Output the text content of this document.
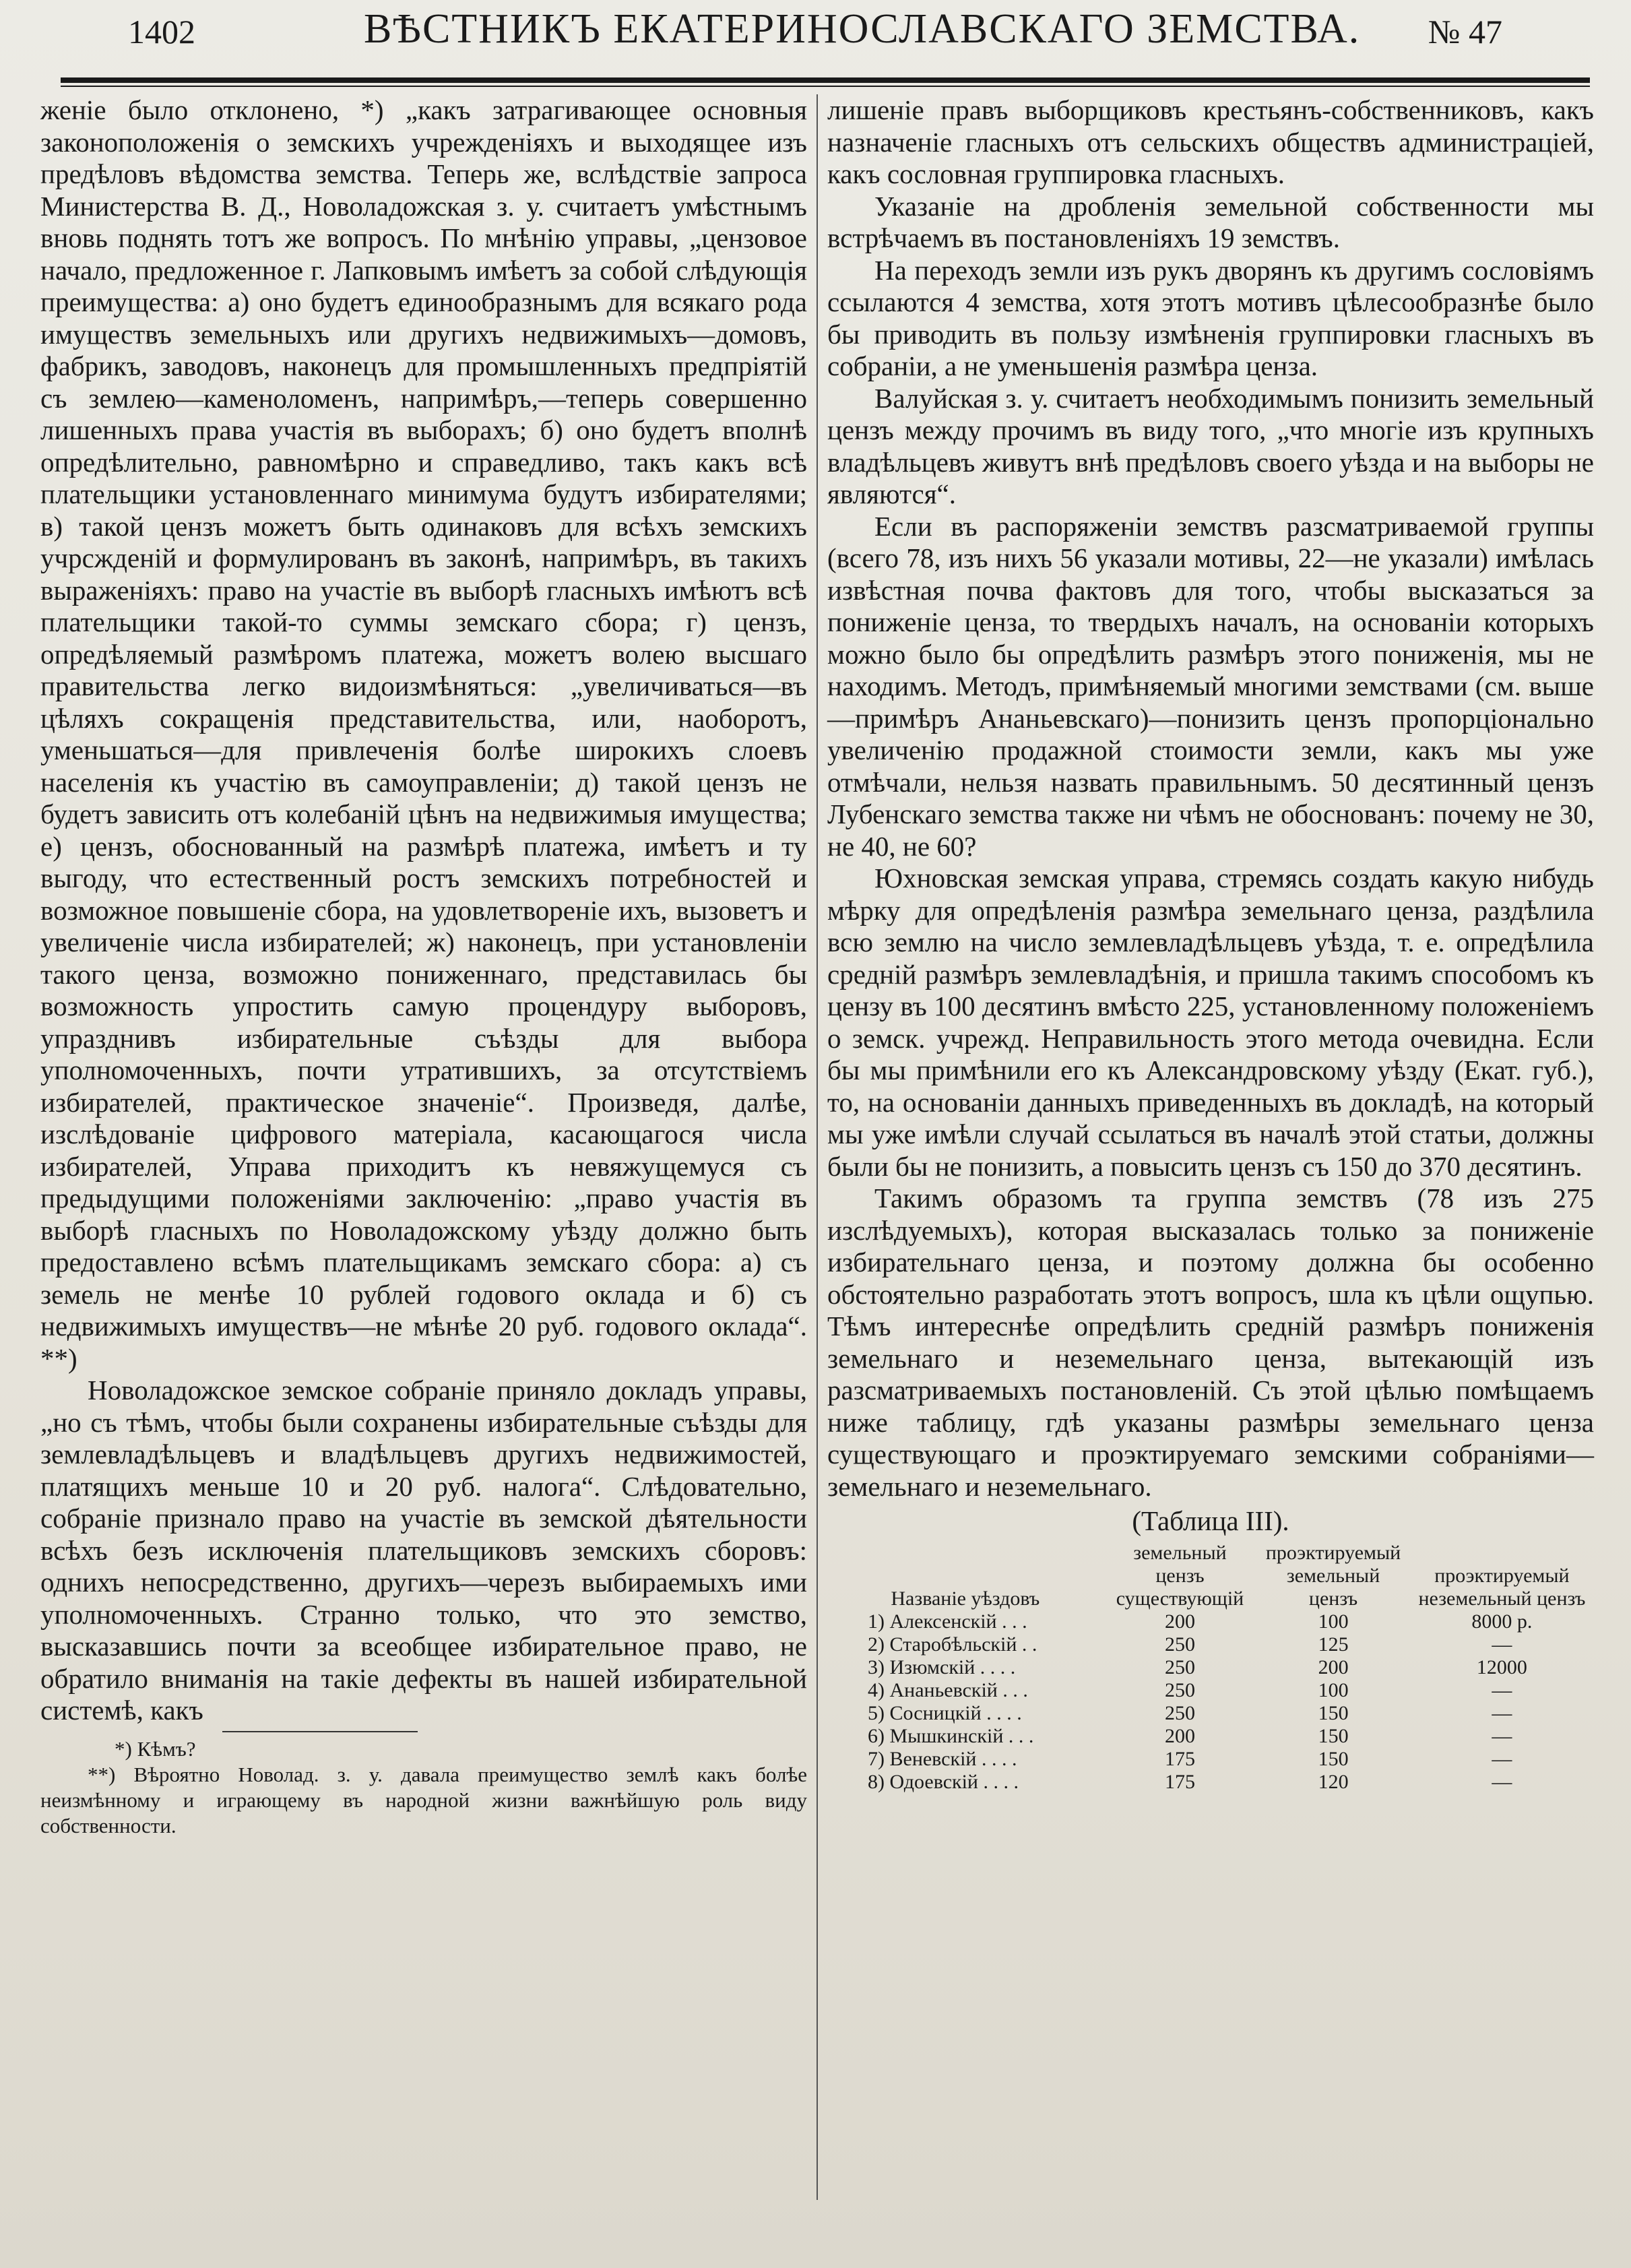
1402	ВѢСТНИКЪ ЕКАТЕРИНОСЛАВСКАГО ЗЕМСТВА. № 47

женіе было отклонено, *) „какъ затрагивающее основныя законоположенія о земскихъ учрежденіяхъ и выходящее изъ предѣловъ вѣдомства земства. Теперь же, вслѣдствіе запроса Министерства В. Д., Новоладожская з. у. считаетъ умѣстнымъ вновь поднять тотъ же вопросъ. По мнѣнію управы, „цензовое начало, предложенное г. Лапковымъ имѣетъ за собой слѣдующія преимущества: а) оно будетъ единообразнымъ для всякаго рода имуществъ земельныхъ или другихъ недвижимыхъ—домовъ, фабрикъ, заводовъ, наконецъ для промышленныхъ предпріятій съ землею—каменоломенъ, напримѣръ,—теперь совершенно лишенныхъ права участія въ выборахъ; б) оно будетъ вполнѣ опредѣлительно, равномѣрно и справедливо, такъ какъ всѣ плательщики установленнаго минимума будутъ избирателями; в) такой цензъ можетъ быть одинаковъ для всѣхъ земскихъ учрсжденій и формулированъ въ законѣ, напримѣръ, въ такихъ выраженіяхъ: право на участіе въ выборѣ гласныхъ имѣютъ всѣ плательщики такой-то суммы земскаго сбора; г) цензъ, опредѣляемый размѣромъ платежа, можетъ волею высшаго правительства легко видоизмѣняться: „увеличиваться—въ цѣляхъ сокращенія представительства, или, наоборотъ, уменьшаться—для привлеченія болѣе широкихъ слоевъ населенія къ участію въ самоуправленіи; д) такой цензъ не будетъ зависить отъ колебаній цѣнъ на недвижимыя имущества; е) цензъ, обоснованный на размѣрѣ платежа, имѣетъ и ту выгоду, что естественный ростъ земскихъ потребностей и возможное повышеніе сбора, на удовлетвореніе ихъ, вызоветъ и увеличеніе числа избирателей; ж) наконецъ, при установленіи такого ценза, возможно пониженнаго, представилась бы возможность упростить самую процендуру выборовъ, упразднивъ избирательные съѣзды для выбора уполномоченныхъ, почти утратившихъ, за отсутствіемъ избирателей, практическое значеніе“. Произведя, далѣе, изслѣдованіе цифрового матеріала, касающагося числа избирателей, Управа приходитъ къ невяжущемуся съ предыдущими положеніями заключенію: „право участія въ выборѣ гласныхъ по Новоладожскому уѣзду должно быть предоставлено всѣмъ плательщикамъ земскаго сбора: а) съ земель не менѣе 10 рублей годового оклада и б) съ недвижимыхъ имуществъ—не мѣнѣе 20 руб. годового оклада“. **)

Новоладожское земское собраніе приняло докладъ управы, „но съ тѣмъ, чтобы были сохранены избирательные съѣзды для землевладѣльцевъ и владѣльцевъ другихъ недвижимостей, платящихъ меньше 10 и 20 руб. налога“. Слѣдовательно, собраніе признало право на участіе въ земской дѣятельности всѣхъ безъ исключенія плательщиковъ земскихъ сборовъ: однихъ непосредственно, другихъ—черезъ выбираемыхъ ими уполномоченныхъ. Странно только, что это земство, высказавшись почти за всеобщее избирательное право, не обратило вниманія на такіе дефекты въ нашей избирательной системѣ, какъ

*) Кѣмъ?

**) Вѣроятно Новолад. з. у. давала преимущество землѣ какъ болѣе неизмѣнному и играющему въ народной жизни важнѣйшую роль виду собственности.

лишеніе правъ выборщиковъ крестьянъ-собственниковъ, какъ назначеніе гласныхъ отъ сельскихъ обществъ администраціей, какъ сословная группировка гласныхъ.

Указаніе на дробленія земельной собственности мы встрѣчаемъ въ постановленіяхъ 19 земствъ.

На переходъ земли изъ рукъ дворянъ къ другимъ сословіямъ ссылаются 4 земства, хотя этотъ мотивъ цѣлесообразнѣе было бы приводить въ пользу измѣненія группировки гласныхъ въ собраніи, а не уменьшенія размѣра ценза.

Валуйская з. у. считаетъ необходимымъ понизить земельный цензъ между прочимъ въ виду того, „что многіе изъ крупныхъ владѣльцевъ живутъ внѣ предѣловъ своего уѣзда и на выборы не являются“.

Если въ распоряженіи земствъ разсматриваемой группы (всего 78, изъ нихъ 56 указали мотивы, 22—не указали) имѣлась извѣстная почва фактовъ для того, чтобы высказаться за пониженіе ценза, то твердыхъ началъ, на основаніи которыхъ можно было бы опредѣлить размѣръ этого пониженія, мы не находимъ. Методъ, примѣняемый многими земствами (см. выше—примѣръ Ананьевскаго)—понизить цензъ пропорціонально увеличенію продажной стоимости земли, какъ мы уже отмѣчали, нельзя назвать правильнымъ. 50 десятинный цензъ Лубенскаго земства также ни чѣмъ не обоснованъ: почему не 30, не 40, не 60?

Юхновская земская управа, стремясь создать какую нибудь мѣрку для опредѣленія размѣра земельнаго ценза, раздѣлила всю землю на число землевладѣльцевъ уѣзда, т. е. опредѣлила средній размѣръ землевладѣнія, и пришла такимъ способомъ къ цензу въ 100 десятинъ вмѣсто 225, установленному положеніемъ о земск. учрежд. Неправильность этого метода очевидна. Если бы мы примѣнили его къ Александровскому уѣзду (Екат. губ.), то, на основаніи данныхъ приведенныхъ въ докладѣ, на который мы уже имѣли случай ссылаться въ началѣ этой статьи, должны были бы не понизить, а повысить цензъ съ 150 до 370 десятинъ.

Такимъ образомъ та группа земствъ (78 изъ 275 изслѣдуемыхъ), которая высказалась только за пониженіе избирательнаго ценза, и поэтому должна бы особенно обстоятельно разработать этотъ вопросъ, шла къ цѣли ощупью. Тѣмъ интереснѣе опредѣлить средній размѣръ пониженія земельнаго и неземельнаго ценза, вытекающій изъ разсматриваемыхъ постановленій. Съ этой цѣлью помѣщаемъ ниже таблицу, гдѣ указаны размѣры земельнаго ценза существующаго и проэктируемаго земскими собраніями—земельнаго и неземельнаго.

(Таблица III).
Названіе уѣздовъ	земельный цензъ существующій	проэктируемый земельный цензъ	проэктируемый неземельный цензъ
1) Алексенскій . . .	200	100	8000 р.
2) Старобѣльскій . .	250	125	—
3) Изюмскій . . . .	250	200	12000
4) Ананьевскій . . .	250	100	—
5) Сосницкій . . . .	250	150	—
6) Мышкинскій . . .	200	150	—
7) Веневскій . . . .	175	150	—
8) Одоевскій . . . .	175	120	—
